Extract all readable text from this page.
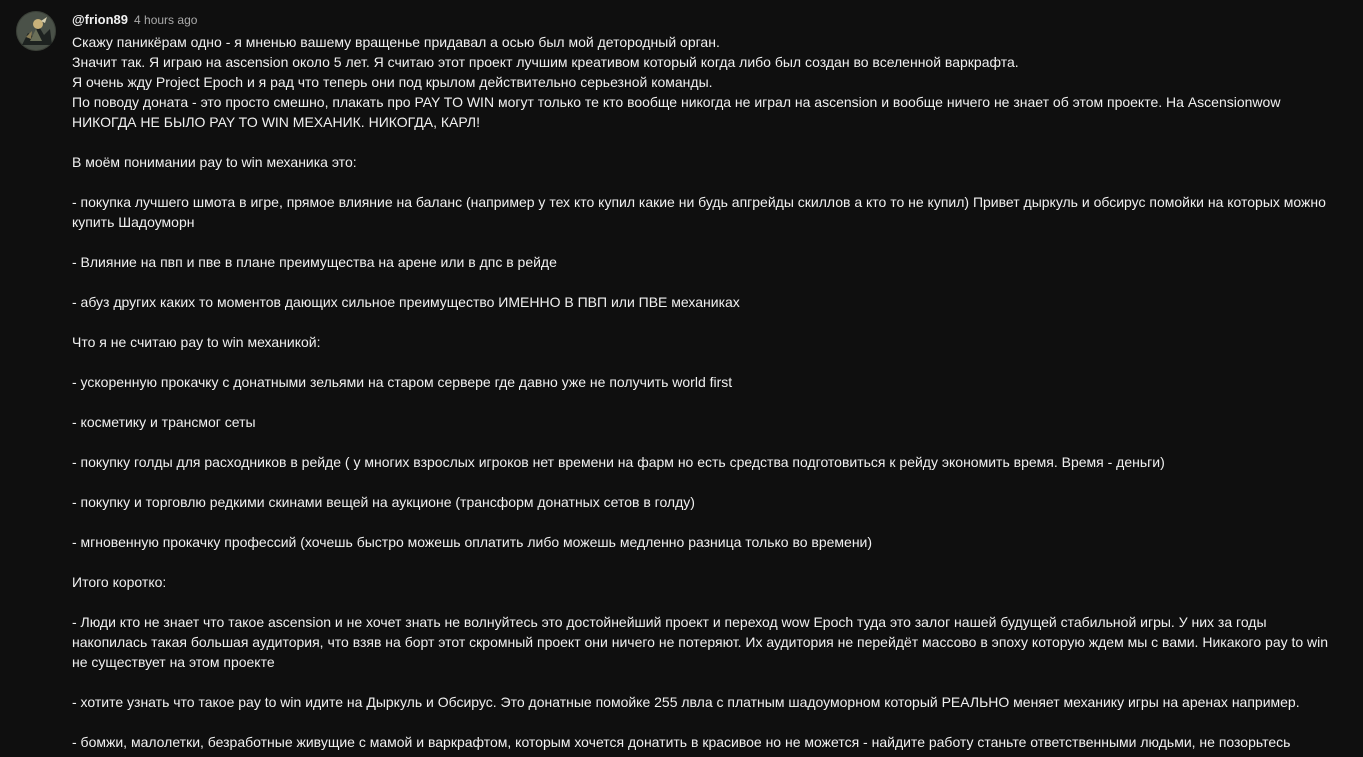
@frion89 4 hours ago
Скажу паникёрам одно - я мненью вашему вращенье придавал а осью был мой детородный орган.
Значит так. Я играю на ascension около 5 лет. Я считаю этот проект лучшим креативом который когда либо был создан во вселенной варкрафта.
Я очень жду Project Epoch и я рад что теперь они под крылом действительно серьезной команды.
По поводу доната - это просто смешно, плакать про PAY TO WIN могут только те кто вообще никогда не играл на ascension и вообще ничего не знает об этом проекте. На Ascensionwow НИКОГДА НЕ БЫЛО PAY TO WIN МЕХАНИК. НИКОГДА, КАРЛ!
В моём понимании pay to win механика это:
- покупка лучшего шмота в игре, прямое влияние на баланс (например у тех кто купил какие ни будь апгрейды скиллов а кто то не купил) Привет дыркуль и обсирус помойки на которых можно купить Шадоуморн
- Влияние на пвп и пве в плане преимущества на арене или в дпс в рейде
- абуз других каких то моментов дающих сильное преимущество ИМЕННО В ПВП или ПВЕ механиках
Что я не считаю pay to win механикой:
- ускоренную прокачку с донатными зельями на старом сервере где давно уже не получить world first
- косметику и трансмог сеты
- покупку голды для расходников в рейде ( у многих взрослых игроков нет времени на фарм но есть средства подготовиться к рейду экономить время. Время - деньги)
- покупку и торговлю редкими скинами вещей на аукционе (трансформ донатных сетов в голду)
- мгновенную прокачку профессий (хочешь быстро можешь оплатить либо можешь медленно разница только во времени)
Итого коротко:
- Люди кто не знает что такое ascension и не хочет знать не волнуйтесь это достойнейший проект и переход wow Epoch туда это залог нашей будущей стабильной игры. У них за годы накопилась такая большая аудитория, что взяв на борт этот скромный проект они ничего не потеряют. Их аудитория не перейдёт массово в эпоху которую ждем мы с вами. Никакого pay to win не существует на этом проекте
- хотите узнать что такое pay to win идите на Дыркуль и Обсирус. Это донатные помойке 255 лвла с платным шадоуморном который РЕАЛЬНО меняет механику игры на аренах например.
- бомжи, малолетки, безработные живущие с мамой и варкрафтом, которым хочется донатить в красивое но не можется - найдите работу станьте ответственными людьми, не позорьтесь
